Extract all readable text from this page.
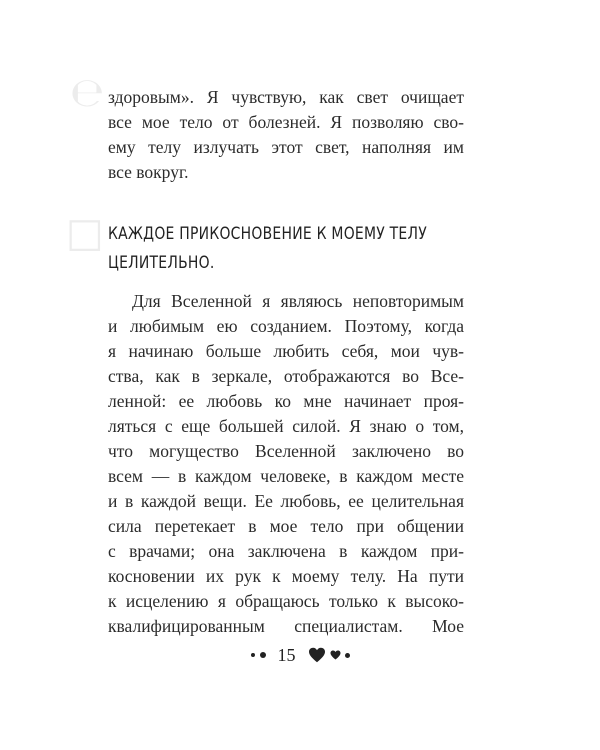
℮
□
здоровым». Я чувствую, как свет очищает
все мое тело от болезней. Я позволяю сво-
ему телу излучать этот свет, наполняя им
все вокруг.
КАЖДОЕ ПРИКОСНОВЕНИЕ К МОЕМУ ТЕЛУ
ЦЕЛИТЕЛЬНО.
Для Вселенной я являюсь неповторимым
и любимым ею созданием. Поэтому, когда
я начинаю больше любить себя, мои чув-
ства, как в зеркале, отображаются во Все-
ленной: ее любовь ко мне начинает проя-
ляться с еще большей силой. Я знаю о том,
что могущество Вселенной заключено во
всем — в каждом человеке, в каждом месте
и в каждой вещи. Ее любовь, ее целительная
сила перетекает в мое тело при общении
с врачами; она заключена в каждом при-
косновении их рук к моему телу. На пути
к исцелению я обращаюсь только к высоко-
квалифицированным специалистам. Мое
15
